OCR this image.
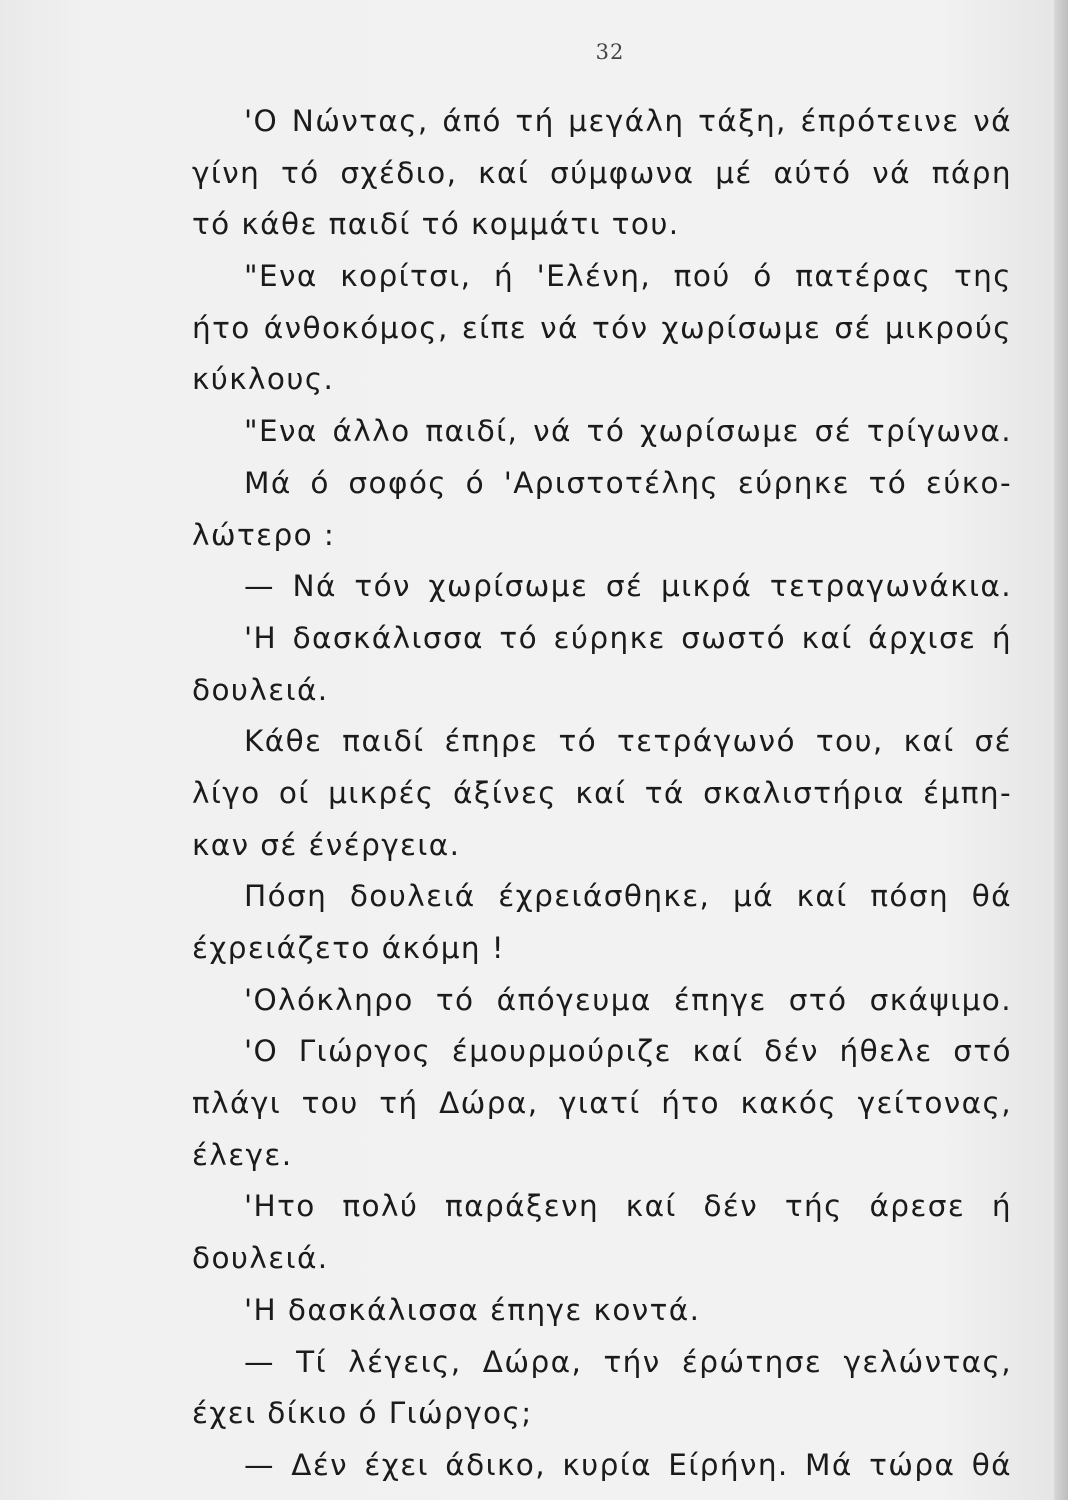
32
'Ο Νώντας, άπό τή μεγάλη τάξη, έπρότεινε νά
γίνη τό σχέδιο, καί σύμφωνα μέ αύτό νά πάρη
τό κάθε παιδί τό κομμάτι του.
"Ενα κορίτσι, ή 'Ελένη, πού ό πατέρας της
ήτο άνθοκόμος, είπε νά τόν χωρίσωμε σέ μικρούς
κύκλους.
"Ενα άλλο παιδί, νά τό χωρίσωμε σέ τρίγωνα.
Μά ό σοφός ό 'Αριστοτέλης εύρηκε τό εύκο-
λώτερο :
— Νά τόν χωρίσωμε σέ μικρά τετραγωνάκια.
'Η δασκάλισσα τό εύρηκε σωστό καί άρχισε ή
δουλειά.
Κάθε παιδί έπηρε τό τετράγωνό του, καί σέ
λίγο οί μικρές άξίνες καί τά σκαλιστήρια έμπη-
καν σέ ένέργεια.
Πόση δουλειά έχρειάσθηκε, μά καί πόση θά
έχρειάζετο άκόμη !
'Ολόκληρο τό άπόγευμα έπηγε στό σκάψιμο.
'Ο Γιώργος έμουρμούριζε καί δέν ήθελε στό
πλάγι του τή Δώρα, γιατί ήτο κακός γείτονας,
έλεγε.
'Ητο πολύ παράξενη καί δέν τής άρεσε ή
δουλειά.
'Η δασκάλισσα έπηγε κοντά.
— Τί λέγεις, Δώρα, τήν έρώτησε γελώντας,
έχει δίκιο ό Γιώργος;
— Δέν έχει άδικο, κυρία Είρήνη. Μά τώρα θά
